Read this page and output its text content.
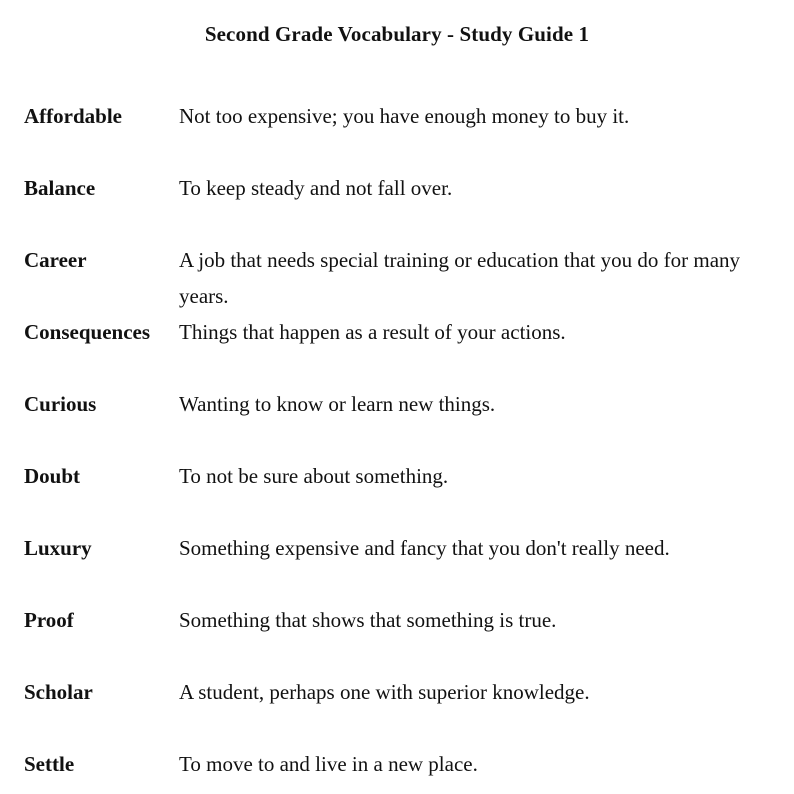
Second Grade Vocabulary - Study Guide 1
Affordable	Not too expensive; you have enough money to buy it.
Balance	To keep steady and not fall over.
Career	A job that needs special training or education that you do for many years.
Consequences Things that happen as a result of your actions.
Curious	Wanting to know or learn new things.
Doubt	To not be sure about something.
Luxury	Something expensive and fancy that you don't really need.
Proof	Something that shows that something is true.
Scholar	A student, perhaps one with superior knowledge.
Settle	To move to and live in a new place.
